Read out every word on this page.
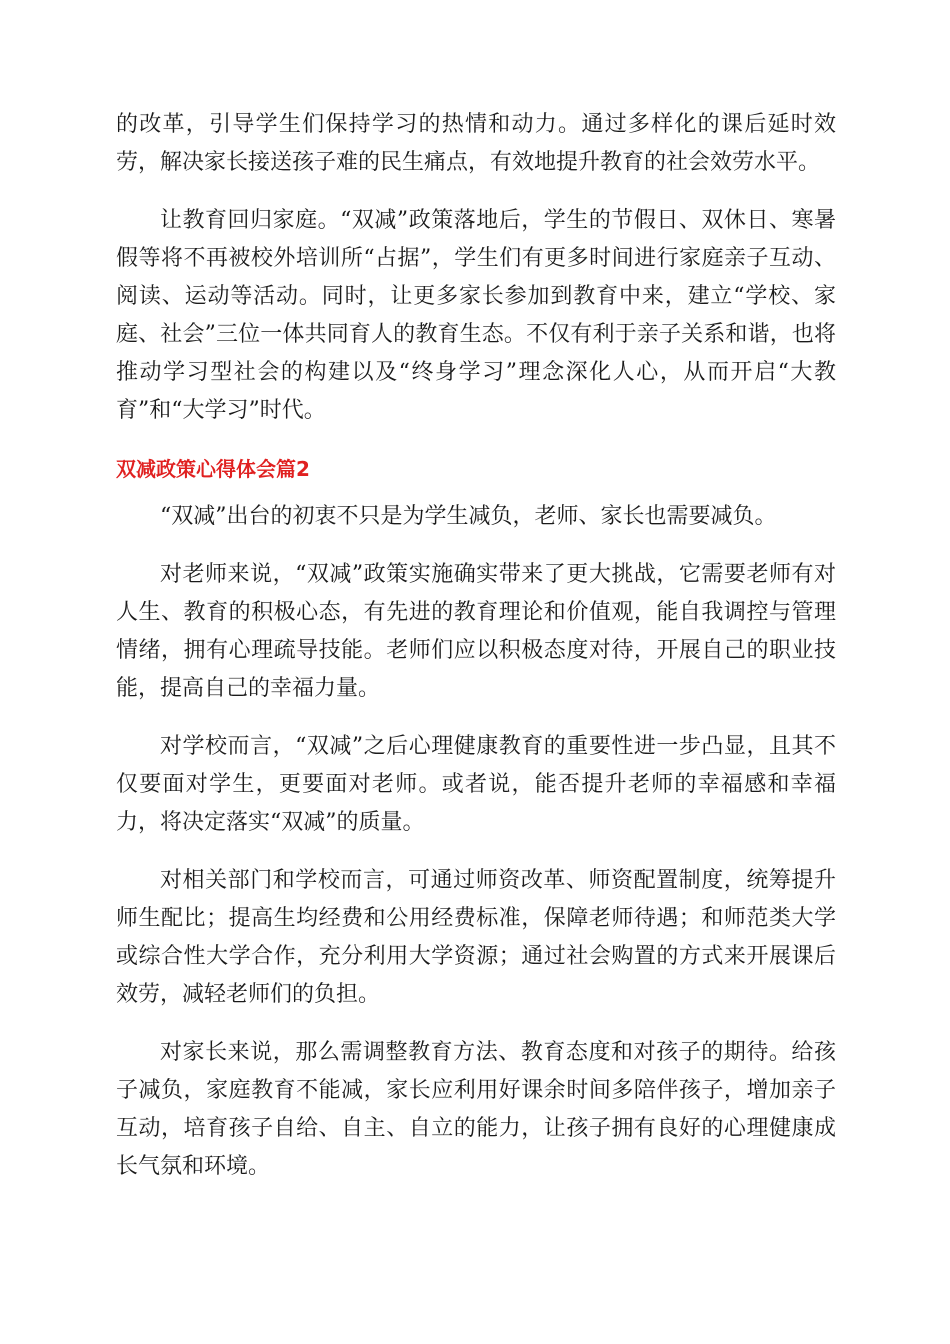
的改革，引导学生们保持学习的热情和动力。通过多样化的课后延时效劳，解决家长接送孩子难的民生痛点，有效地提升教育的社会效劳水平。

让教育回归家庭。“双减”政策落地后，学生的节假日、双休日、寒暑假等将不再被校外培训所“占据”，学生们有更多时间进行家庭亲子互动、阅读、运动等活动。同时，让更多家长参加到教育中来，建立“学校、家庭、社会”三位一体共同育人的教育生态。不仅有利于亲子关系和谐，也将推动学习型社会的构建以及“终身学习”理念深化人心，从而开启“大教育”和“大学习”时代。

双减政策心得体会篇2

“双减”出台的初衷不只是为学生减负，老师、家长也需要减负。

对老师来说，“双减”政策实施确实带来了更大挑战，它需要老师有对人生、教育的积极心态，有先进的教育理论和价值观，能自我调控与管理情绪，拥有心理疏导技能。老师们应以积极态度对待，开展自己的职业技能，提高自己的幸福力量。

对学校而言，“双减”之后心理健康教育的重要性进一步凸显，且其不仅要面对学生，更要面对老师。或者说，能否提升老师的幸福感和幸福力，将决定落实“双减”的质量。

对相关部门和学校而言，可通过师资改革、师资配置制度，统筹提升师生配比；提高生均经费和公用经费标准，保障老师待遇；和师范类大学或综合性大学合作，充分利用大学资源；通过社会购置的方式来开展课后效劳，减轻老师们的负担。

对家长来说，那么需调整教育方法、教育态度和对孩子的期待。给孩子减负，家庭教育不能减，家长应利用好课余时间多陪伴孩子，增加亲子互动，培育孩子自给、自主、自立的能力，让孩子拥有良好的心理健康成长气氛和环境。
